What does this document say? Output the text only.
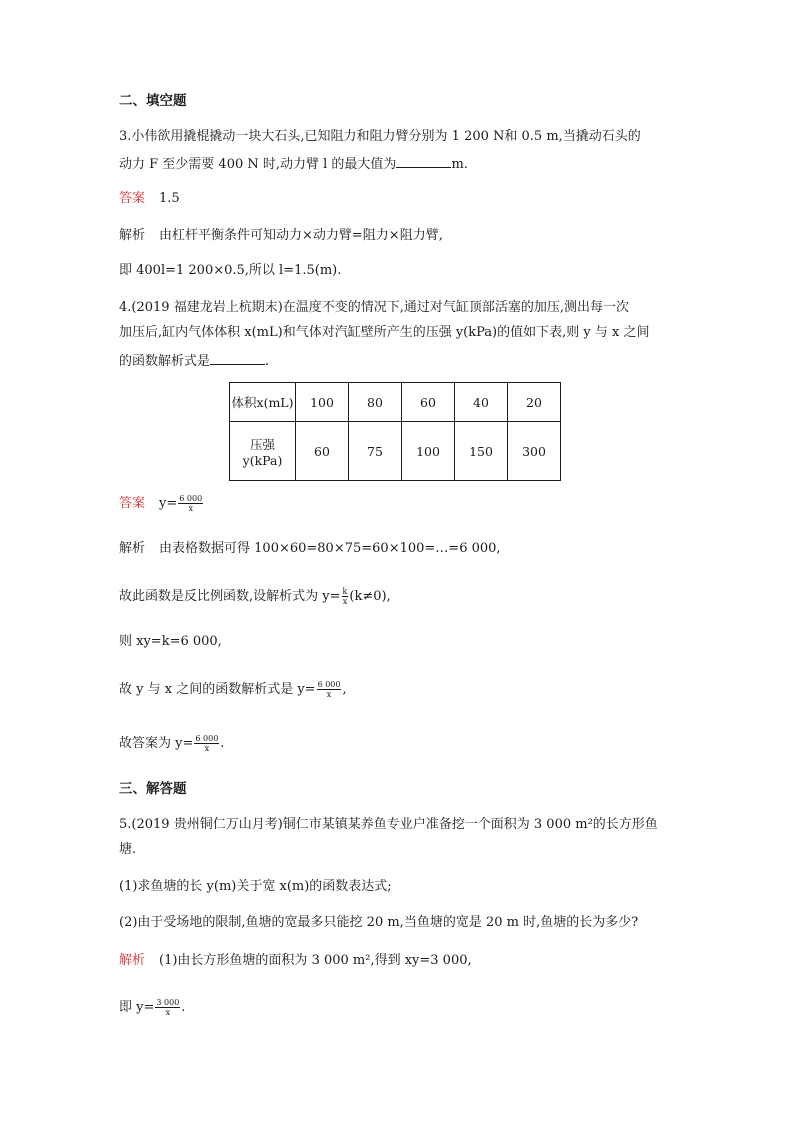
二、填空题
3.小伟欲用撬棍撬动一块大石头,已知阻力和阻力臂分别为 1 200 N和 0.5 m,当撬动石头的
动力 F 至少需要 400 N 时,动力臂 l 的最大值为	m.
答案 1.5
解析 由杠杆平衡条件可知动力×动力臂=阻力×阻力臂,
即 400l=1 200×0.5,所以 l=1.5(m).
4.(2019 福建龙岩上杭期末)在温度不变的情况下,通过对气缸顶部活塞的加压,测出每一次
加压后,缸内气体体积 x(mL)和气体对汽缸壁所产生的压强 y(kPa)的值如下表,则 y 与 x 之间
的函数解析式是	.
体积x(mL)	100	80	60	40	20

压强
y(kPa)	60	75	100	150	300
答案 $y= \frac{6 000}{x}$
解析 由表格数据可得 100×60=80×75=60×100=…=6 000,
故此函数是反比例函数,设解析式为 $y= \frac{k}{x} (k\ne 0)$,
则 xy=k=6 000,
故 y 与 x 之间的函数解析式是 $y= \frac{6 000}{x}$ ,
故答案为 $y= \frac{6 000}{x}$ .
三、解答题
5.(2019 贵州铜仁万山月考)铜仁市某镇某养鱼专业户准备挖一个面积为 3 000 m²的长方形鱼
塘.
(1)求鱼塘的长 y(m)关于宽 x(m)的函数表达式;
(2)由于受场地的限制,鱼塘的宽最多只能挖 20 m,当鱼塘的宽是 20 m 时,鱼塘的长为多少?
解析 (1)由长方形鱼塘的面积为 3 000 m²,得到 xy=3 000,
即 $y= \frac{3 000}{x}$ .
